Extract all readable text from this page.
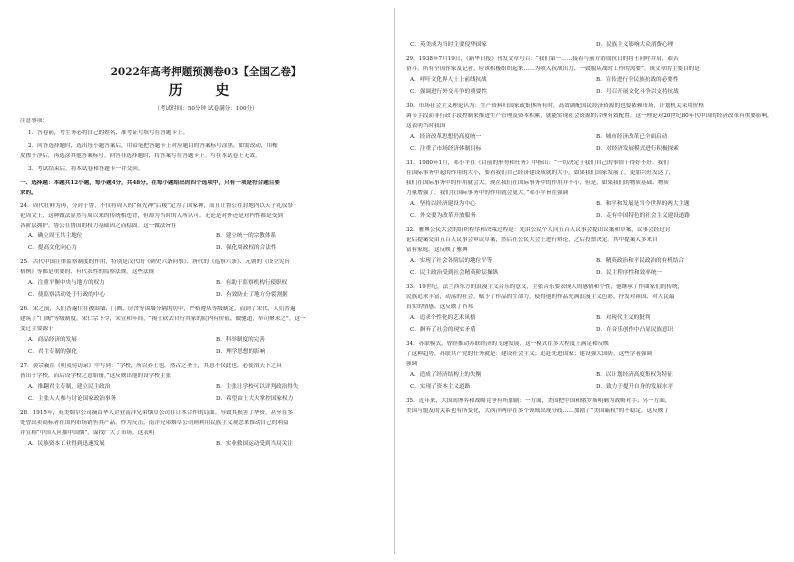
2022年高考押题预测卷03【全国乙卷】
历 史
（考试时间：50分钟 试卷满分：100分）
注意事项：
1．答卷前，考生务必将自己的姓名、准考证号填写在答题卡上。
2．回答选择题时，选出每小题答案后，用铅笔把答题卡上对应题目的答案标号涂黑。如需改动，用橡
皮擦干净后，再选涂其他答案标号。回答非选择题时，将答案写在答题卡上。写在本试卷上无效。
3．考试结束后，将本试卷和答题卡一并交回。
一、选择题：本题共12小题，每小题4分，共48分。在每小题给出的四个选项中，只有一项是符合题目要
求的。
24．周代壮鲜为再，分封于鲁，不仅将周人的“祖先神”后稷“定为了国家神，而且让鲁公在封地内以天子礼仪祭
祀周文王，这种做法显然与周以来的传统相违背，但却为当时的人所认可。无论是对外还是对内性都是受到
各阶层拥护。鲁公在鲁国的权力基础因之而稳固。这一做法旨在
A．确立周王共主地位	B．建立统一的宗教体系
C．提高文化向心力	D．强化周政权的合法性
25．古代中国注重监察制度的作用，特别是汉代的《刺史六条问事》、唐代的《巡察六条》、元朝的《设立宪台
格例》等都是重要的、有代表性的监察法规。这些法规
A．注重平衡中央与地方的权力	B．有助于监察机构行使职权
C．使监察活动处于行政的中心	D．有效防止了地方分裂割据
26．宋之前，人们普遍住在被围墙、门阙、房舍等围墙分隔的坊中，严格遵从等级制定。而到了宋代，人们普遍
建筑了“门阀”等级制度，宋仁宗下令，宋宣和年间，“揭士砍去自行其家的院内有价值，做驰道，举司聚求之”。这一
变迁主要源于
A．商品经济的发展	B．科举制度的完善
C．君主专制的强化	D．理学思想的影响
27．黄宗羲在《明夷待访录》中写到：“学校，所以养士也。然古之圣王，其意不仅此也，必使治天下之具
皆出于学校，而后设学校之意始备。”这反映出他的设学校主张
A．推翻君主专制，建立民主政治	B．主张让学校可以评判政治得失
C．主张人人参与讨论国家政治事务	D．希望由士大夫掌控国家权力
28．1915年，英美烟草公司摘首华人企业南洋兄弟烟草公司在日本合作的局面。导致其损害了华资，甚至在多
处曾出卖商标者在国内市场销售其产品。作为反击，南洋兄弟烟草公司则利用民族主义观念来推动自己的利益
并宣称“中国人应抽中国烟”，谋找广大了市场。这表明
A．民族资本工业得到迅速发展	B．实业救国运动受到当局关注
C．英美成为当时主要侵华国家	D．民族主义影响大众消费心理
29．1938年7月19日，《新华日报》刊发文章号召：“我们第一……接着与前方浴血抗日的将士同呼并肩，艰苦
奋斗。所有全国作家及记者，应该积极组织起来……为收入抗战出力，一致服从战时工作的需要”。该文章的主要目的是
A．呼吁文化界人士上前线抗战	B．宣传进行全民族抗战的必要性
C．强调进行外交斗争的重要性	D．号召开展文化斗争以支持抗战
30．市场社会主义理论认为：生产资料归国家或集体所有时，高效调配国民经济资源的也要依赖市场，计划机关采用价格
调节手段而非行政手段控制来推进生产管理及资本积累，就能实现社会资源的合理有效配置。这一理论对20世纪80年代中国的经济改革有重要影响，
这表明当时我国
A．经济改革思想仍高度统一	B．城市经济改革已全面启动
C．注重了市场经济体制目标	D．对经济发展模式进行积极探索
31．1980年1月，邓小平在《目前的形势和任务》中指出：“一切决定于我们自己的事情干得好不好。我们
在国际事务中起的作用的大小，要看我们自己经济建设成就的大小。如果我们国家发展了，更加兴旺发达了，
我们在国际事务中的作用就会大。现在我们在国际事务中的作用并不小，但是，如果我们的物质基础、物质
力量增强了，我们在国际事务中的作用就会更大。”邓小平旨在强调
A．坚持以经济建设为中心	B．和平和发展是当今世界的两大主题
C．外交要为改革开放服务	D．走有中国特色的社会主义建设道路
32．雅典公民大会的组织程序和决策过程是：先由公民个人向五百人议事会提出议案和草案，议事会经过讨
论后提案交由五百人议事会审议草案，然后在公民大会上进行辩论，之后投票决定。其中提案人多来自
富有家庭。这反映了雅典
A．实现了社会各阶层的地位平等	B．精英政治和平民政治的有机结合
C．民主政治受到社会精英阶层操纵	D．民主程序性和效率统一
33．19世纪，法兰西东方的浪漫主义音乐的意义，主张音乐要表现人的感情和个性，他继承了作曲家们的传统，
民族追求丰富，动荡的社会，赋予了作品的生命力，使得他的作品充满浪漫主义色彩，抒发对祖国、对人民最
真实的情感。这反映了肖邦
A．追求个性化的艺术风格	B．对现代主义的批判
C．摒弃了社会的现实矛盾	D．在音乐创作中凸显民族意识
34．苏联模式，曾经推动苏联经济的飞速发展，这一模式在多大程度上满足和反映
了这种趋势，苏联共产党的任务就是：建设社会主义；追赶先进国家；建设强大国防。这些学者强调
强调
A．造成了经济结构上的失衡	B．以计划经济高度集权为特征
C．实现了资本主义道路	D．致力于提升自身的发展水平
35．近年来，大国间博弈和战略竞争有所加剧：一方面，美国把中国和俄罗斯明确为战略对手；另一方面，
美国与盟友的关系也有所变化，大西洋两岸在多个领域出现分歧……加剧了“美国霸权”的不稳定。这反映了
